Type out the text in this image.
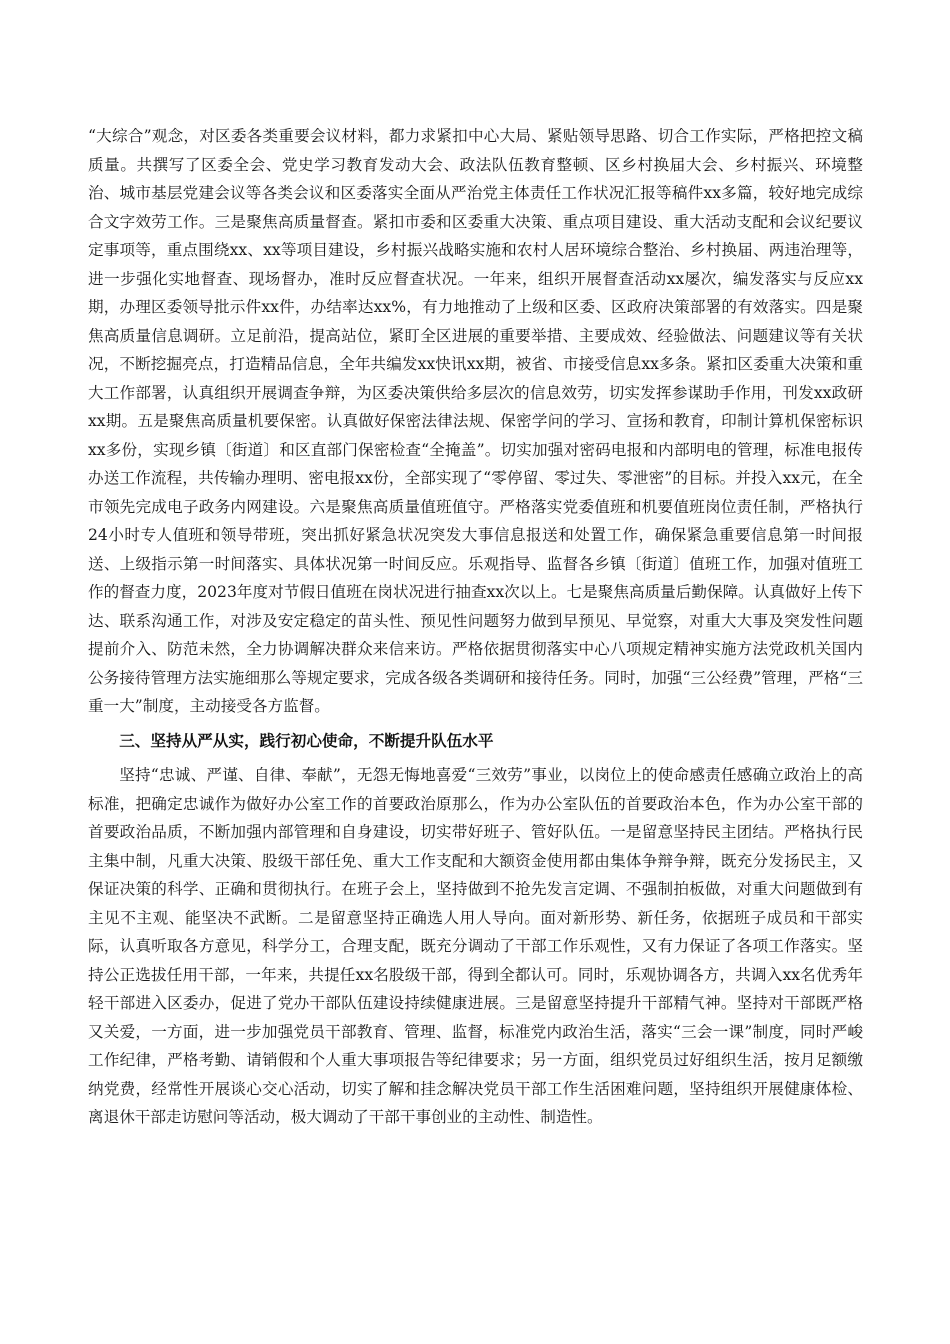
“大综合”观念，对区委各类重要会议材料，都力求紧扣中心大局、紧贴领导思路、切合工作实际，严格把控文稿质量。共撰写了区委全会、党史学习教育发动大会、政法队伍教育整顿、区乡村换届大会、乡村振兴、环境整治、城市基层党建会议等各类会议和区委落实全面从严治党主体责任工作状况汇报等稿件xx多篇，较好地完成综合文字效劳工作。三是聚焦高质量督查。紧扣市委和区委重大决策、重点项目建设、重大活动支配和会议纪要议定事项等，重点围绕xx、xx等项目建设，乡村振兴战略实施和农村人居环境综合整治、乡村换届、两违治理等，进一步强化实地督查、现场督办，准时反应督查状况。一年来，组织开展督查活动xx屡次，编发落实与反应xx期，办理区委领导批示件xx件，办结率达xx%，有力地推动了上级和区委、区政府决策部署的有效落实。四是聚焦高质量信息调研。立足前沿，提高站位，紧盯全区进展的重要举措、主要成效、经验做法、问题建议等有关状况，不断挖掘亮点，打造精品信息，全年共编发xx快讯xx期，被省、市接受信息xx多条。紧扣区委重大决策和重大工作部署，认真组织开展调查争辩，为区委决策供给多层次的信息效劳，切实发挥参谋助手作用，刊发xx政研xx期。五是聚焦高质量机要保密。认真做好保密法律法规、保密学问的学习、宣扬和教育，印制计算机保密标识xx多份，实现乡镇〔街道〕和区直部门保密检查“全掩盖”。切实加强对密码电报和内部明电的管理，标准电报传办送工作流程，共传输办理明、密电报xx份，全部实现了“零停留、零过失、零泄密”的目标。并投入xx元，在全市领先完成电子政务内网建设。六是聚焦高质量值班值守。严格落实党委值班和机要值班岗位责任制，严格执行24小时专人值班和领导带班，突出抓好紧急状况突发大事信息报送和处置工作，确保紧急重要信息第一时间报送、上级指示第一时间落实、具体状况第一时间反应。乐观指导、监督各乡镇〔街道〕值班工作，加强对值班工作的督查力度，2023年度对节假日值班在岗状况进行抽查xx次以上。七是聚焦高质量后勤保障。认真做好上传下达、联系沟通工作，对涉及安定稳定的苗头性、预见性问题努力做到早预见、早觉察，对重大大事及突发性问题提前介入、防范未然，全力协调解决群众来信来访。严格依据贯彻落实中心八项规定精神实施方法党政机关国内公务接待管理方法实施细那么等规定要求，完成各级各类调研和接待任务。同时，加强“三公经费”管理，严格“三重一大”制度，主动接受各方监督。

三、坚持从严从实，践行初心使命，不断提升队伍水平

坚持“忠诚、严谨、自律、奉献”，无怨无悔地喜爱“三效劳”事业，以岗位上的使命感责任感确立政治上的高标准，把确定忠诚作为做好办公室工作的首要政治原那么，作为办公室队伍的首要政治本色，作为办公室干部的首要政治品质，不断加强内部管理和自身建设，切实带好班子、管好队伍。一是留意坚持民主团结。严格执行民主集中制，凡重大决策、股级干部任免、重大工作支配和大额资金使用都由集体争辩争辩，既充分发扬民主，又保证决策的科学、正确和贯彻执行。在班子会上，坚持做到不抢先发言定调、不强制拍板做，对重大问题做到有主见不主观、能坚决不武断。二是留意坚持正确选人用人导向。面对新形势、新任务，依据班子成员和干部实际，认真听取各方意见，科学分工，合理支配，既充分调动了干部工作乐观性，又有力保证了各项工作落实。坚持公正选拔任用干部，一年来，共提任xx名股级干部，得到全都认可。同时，乐观协调各方，共调入xx名优秀年轻干部进入区委办，促进了党办干部队伍建设持续健康进展。三是留意坚持提升干部精气神。坚持对干部既严格又关爱，一方面，进一步加强党员干部教育、管理、监督，标准党内政治生活，落实“三会一课”制度，同时严峻 工作纪律，严格考勤、请销假和个人重大事项报告等纪律要求；另一方面，组织党员过好组织生活，按月足额缴纳党费，经常性开展谈心交心活动，切实了解和挂念解决党员干部工作生活困难问题，坚持组织开展健康体检、离退休干部走访慰问等活动，极大调动了干部干事创业的主动性、制造性。
